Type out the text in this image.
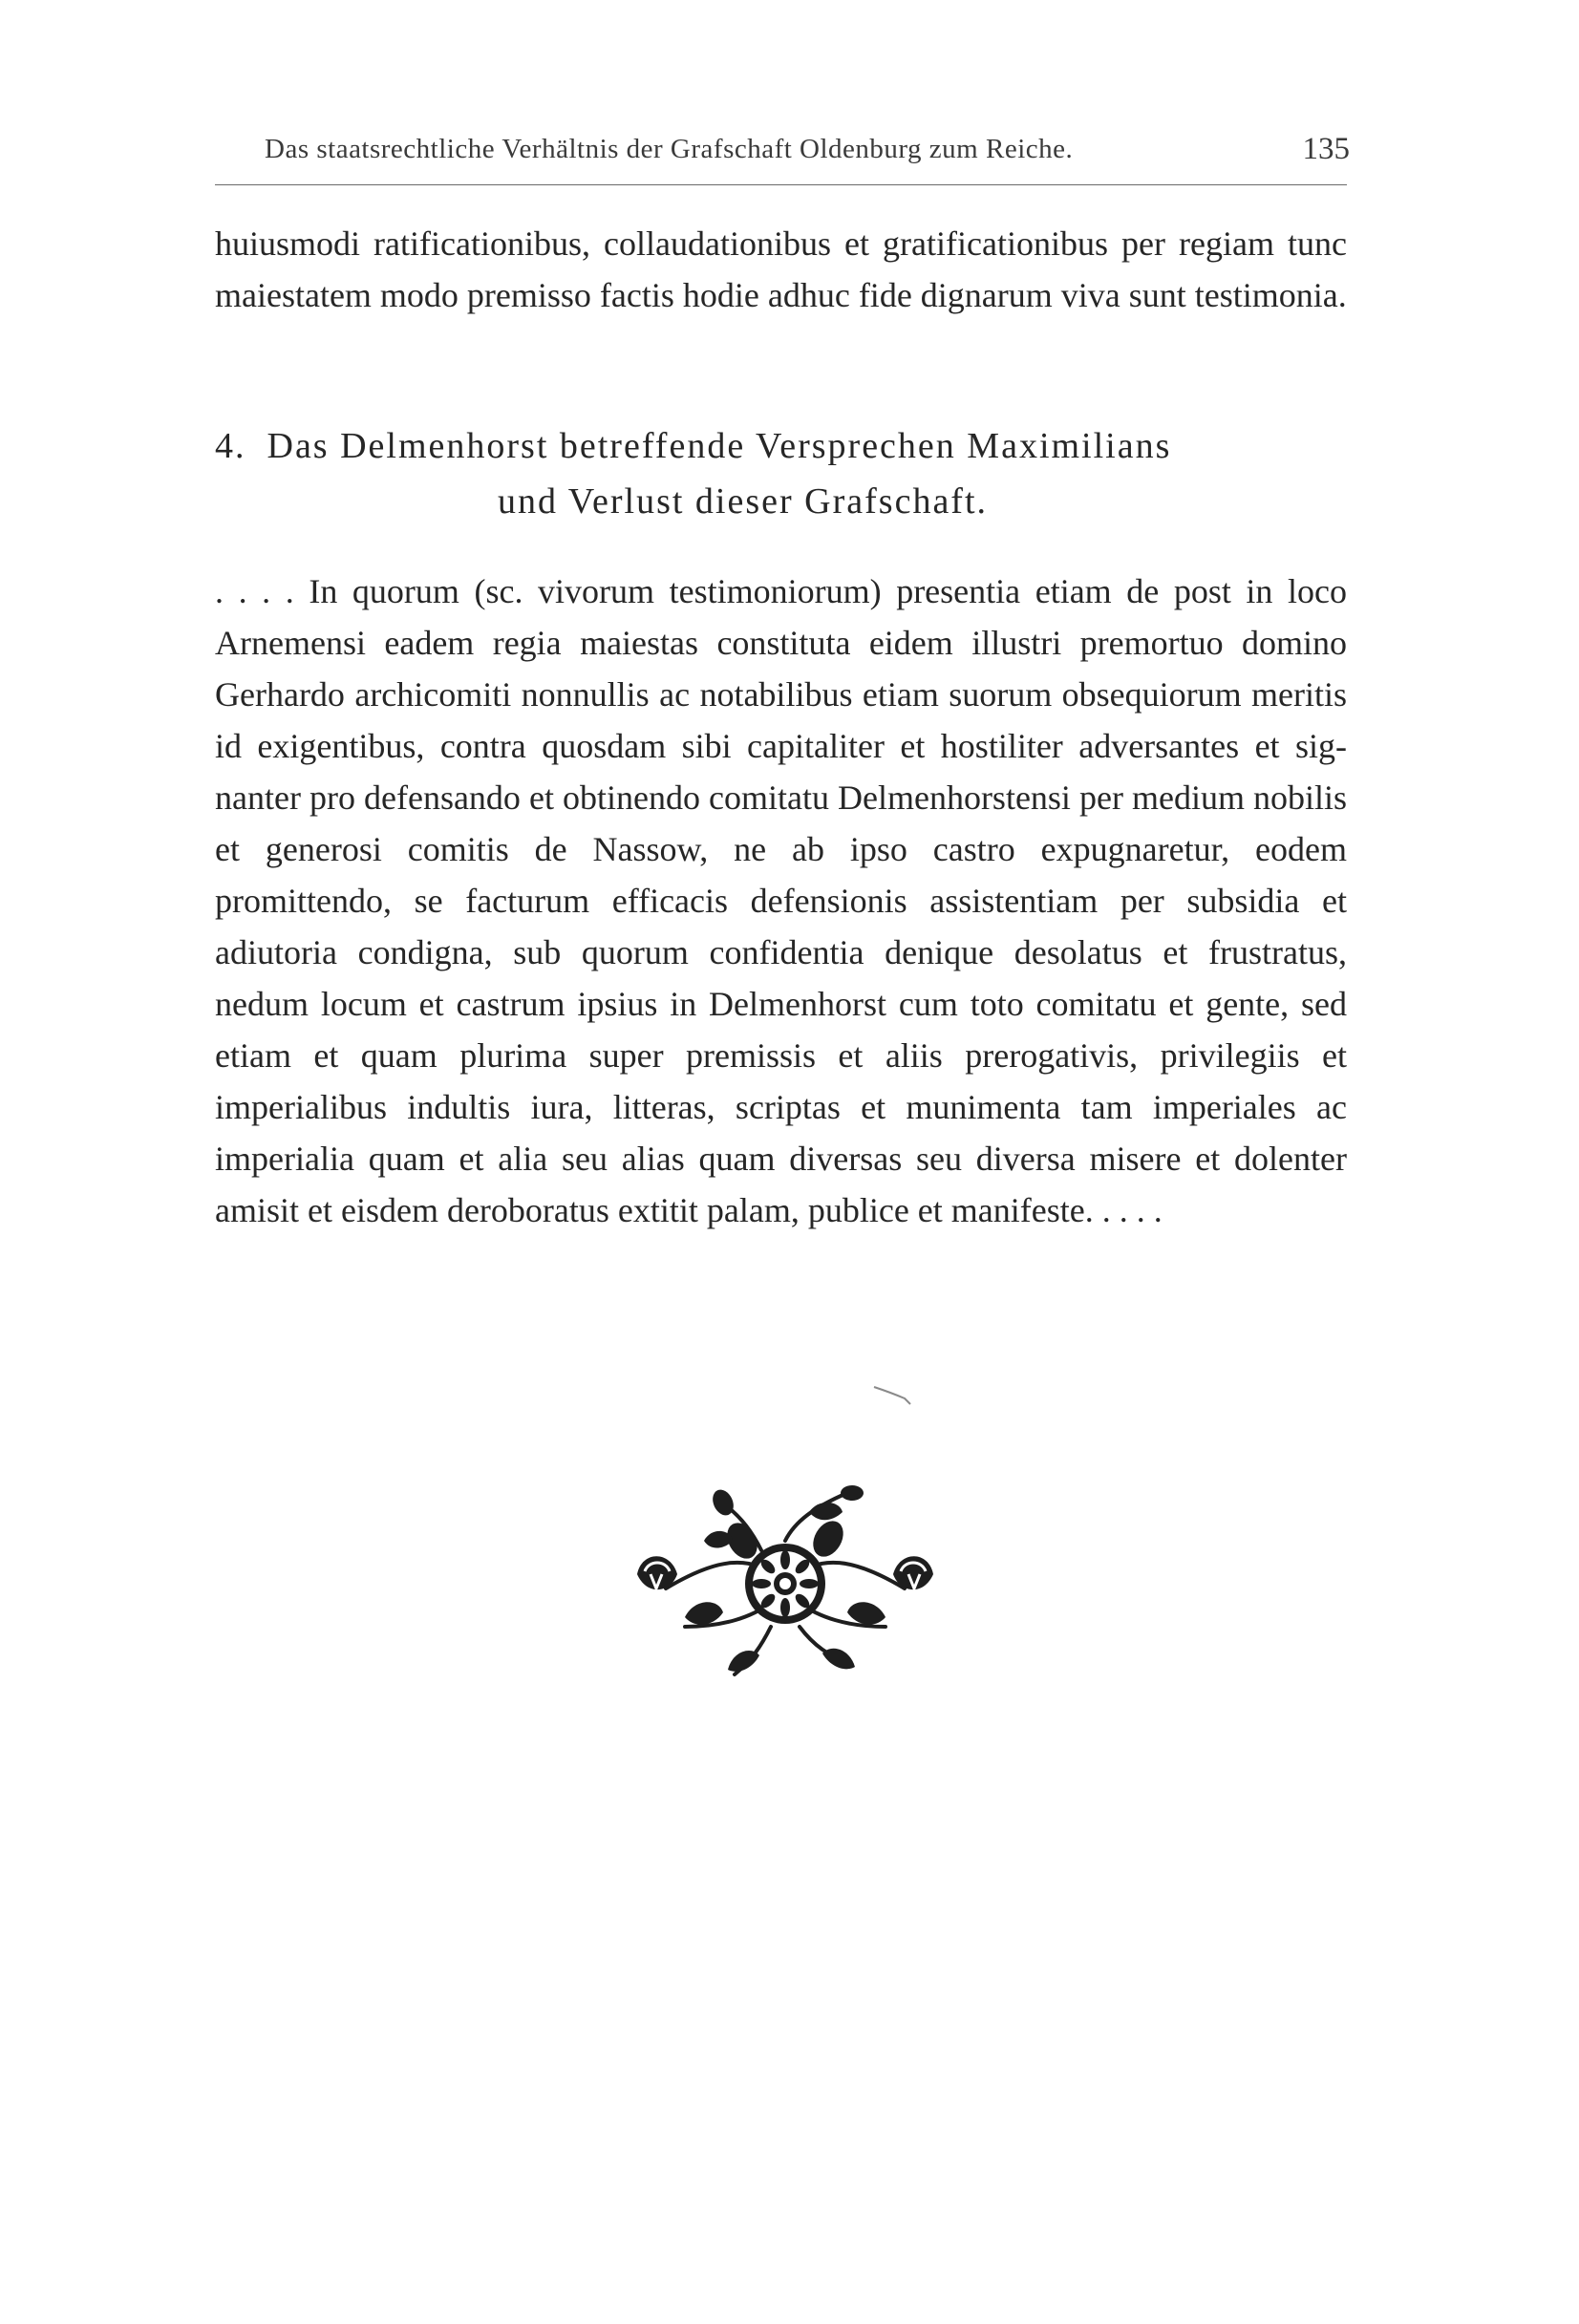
Das staatsrechtliche Verhältnis der Grafschaft Oldenburg zum Reiche.	135

huiusmodi ratificationibus, collaudationibus et gratificationibus per regiam tunc maiestatem modo premisso factis hodie adhuc fide dignarum viva sunt testimonia.

4. Das Delmenhorst betreffende Versprechen Maximilians
und Verlust dieser Grafschaft.

. . . . In quorum (sc. vivorum testimoniorum) presentia etiam de post in loco Arnemensi eadem regia maiestas constituta eidem illustri premortuo domino Gerhardo archicomiti nonnullis ac notabilibus etiam suorum obsequiorum meritis id exigentibus, contra quosdam sibi capitaliter et hostiliter adversantes et signanter pro defensando et obtinendo comitatu Delmenhorstensi per medium nobilis et generosi comitis de Nassow, ne ab ipso castro expugnaretur, eodem promittendo, se facturum efficacis defensionis assistentiam per subsidia et adiutoria condigna, sub quorum confidentia denique desolatus et frustratus, nedum locum et castrum ipsius in Delmenhorst cum toto comitatu et gente, sed etiam et quam plurima super premissis et aliis prerogativis, privilegiis et imperialibus indultis iura, litteras, scriptas et munimenta tam imperiales ac imperialia quam et alia seu alias quam diversas seu diversa misere et dolenter amisit et eisdem deroboratus extitit palam, publice et manifeste. . . . .
